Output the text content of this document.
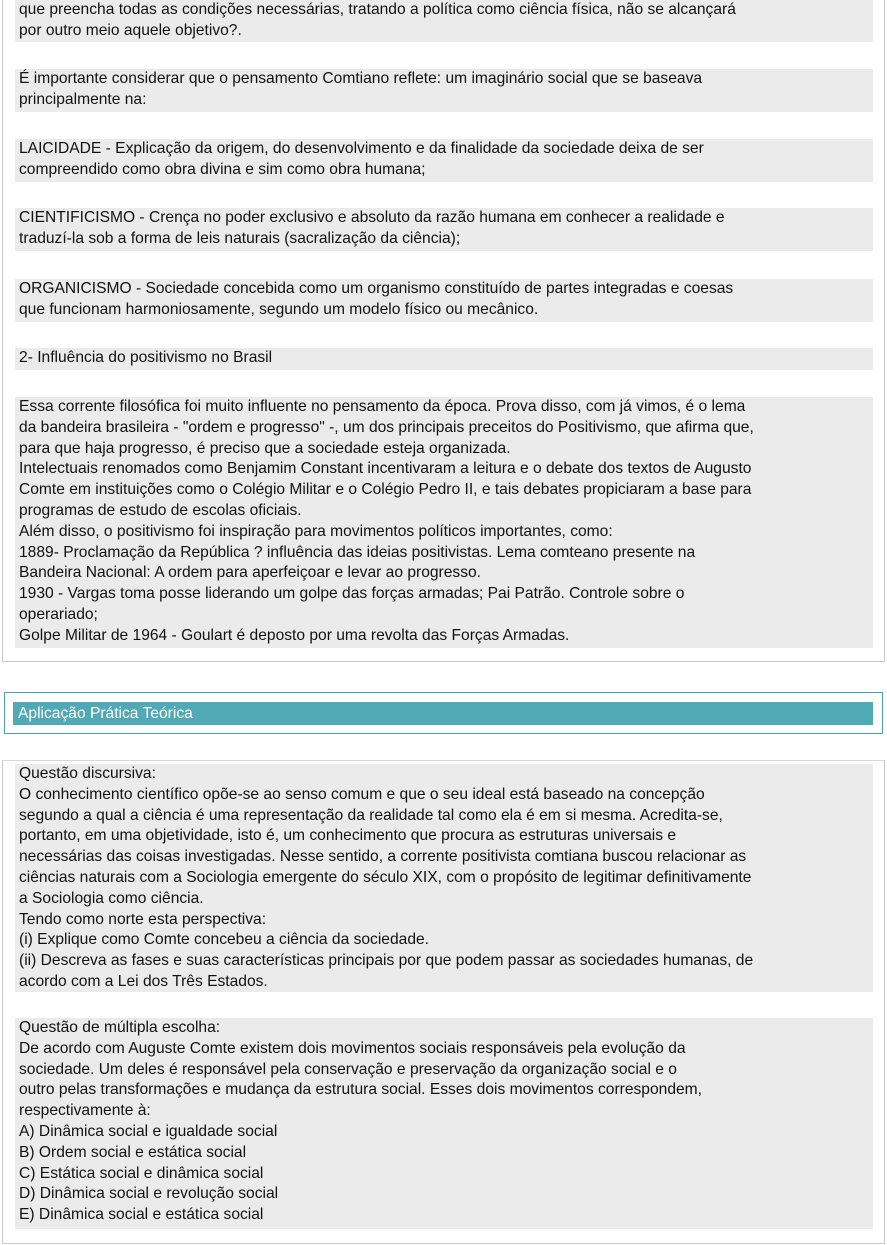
que preencha todas as condições necessárias, tratando a política como ciência física, não se alcançará
por outro meio aquele objetivo?.
É importante considerar que o pensamento Comtiano reflete: um imaginário social que se baseava
principalmente na:
LAICIDADE - Explicação da origem, do desenvolvimento e da finalidade da sociedade deixa de ser
compreendido como obra divina e sim como obra humana;
CIENTIFICISMO - Crença no poder exclusivo e absoluto da razão humana em conhecer a realidade e
traduzí-la sob a forma de leis naturais (sacralização da ciência);
ORGANICISMO - Sociedade concebida como um organismo constituído de partes integradas e coesas
que funcionam harmoniosamente, segundo um modelo físico ou mecânico.
2- Influência do positivismo no Brasil
Essa corrente filosófica foi muito influente no pensamento da época. Prova disso, com já vimos, é o lema
da bandeira brasileira - "ordem e progresso" -, um dos principais preceitos do Positivismo, que afirma que,
para que haja progresso, é preciso que a sociedade esteja organizada.
Intelectuais renomados como Benjamim Constant incentivaram a leitura e o debate dos textos de Augusto
Comte em instituições como o Colégio Militar e o Colégio Pedro II, e tais debates propiciaram a base para
programas de estudo de escolas oficiais.
Além disso, o positivismo foi inspiração para movimentos políticos importantes, como:
1889- Proclamação da República ? influência das ideias positivistas. Lema comteano presente na
Bandeira Nacional: A ordem para aperfeiçoar e levar ao progresso.
1930 - Vargas toma posse liderando um golpe das forças armadas; Pai Patrão. Controle sobre o
operariado;
Golpe Militar de 1964 - Goulart é deposto por uma revolta das Forças Armadas.
Aplicação Prática Teórica
Questão discursiva:
O conhecimento científico opõe-se ao senso comum e que o seu ideal está baseado na concepção
segundo a qual a ciência é uma representação da realidade tal como ela é em si mesma. Acredita-se,
portanto, em uma objetividade, isto é, um conhecimento que procura as estruturas universais e
necessárias das coisas investigadas. Nesse sentido, a corrente positivista comtiana buscou relacionar as
ciências naturais com a Sociologia emergente do século XIX, com o propósito de legitimar definitivamente
a Sociologia como ciência.
Tendo como norte esta perspectiva:
(i) Explique como Comte concebeu a ciência da sociedade.
(ii) Descreva as fases e suas características principais por que podem passar as sociedades humanas, de
acordo com a Lei dos Três Estados.
Questão de múltipla escolha:
De acordo com Auguste Comte existem dois movimentos sociais responsáveis pela evolução da
sociedade. Um deles é responsável pela conservação e preservação da organização social e o
outro pelas transformações e mudança da estrutura social. Esses dois movimentos correspondem,
respectivamente à:
A) Dinâmica social e igualdade social
B) Ordem social e estática social
C) Estática social e dinâmica social
D) Dinâmica social e revolução social
E) Dinâmica social e estática social
